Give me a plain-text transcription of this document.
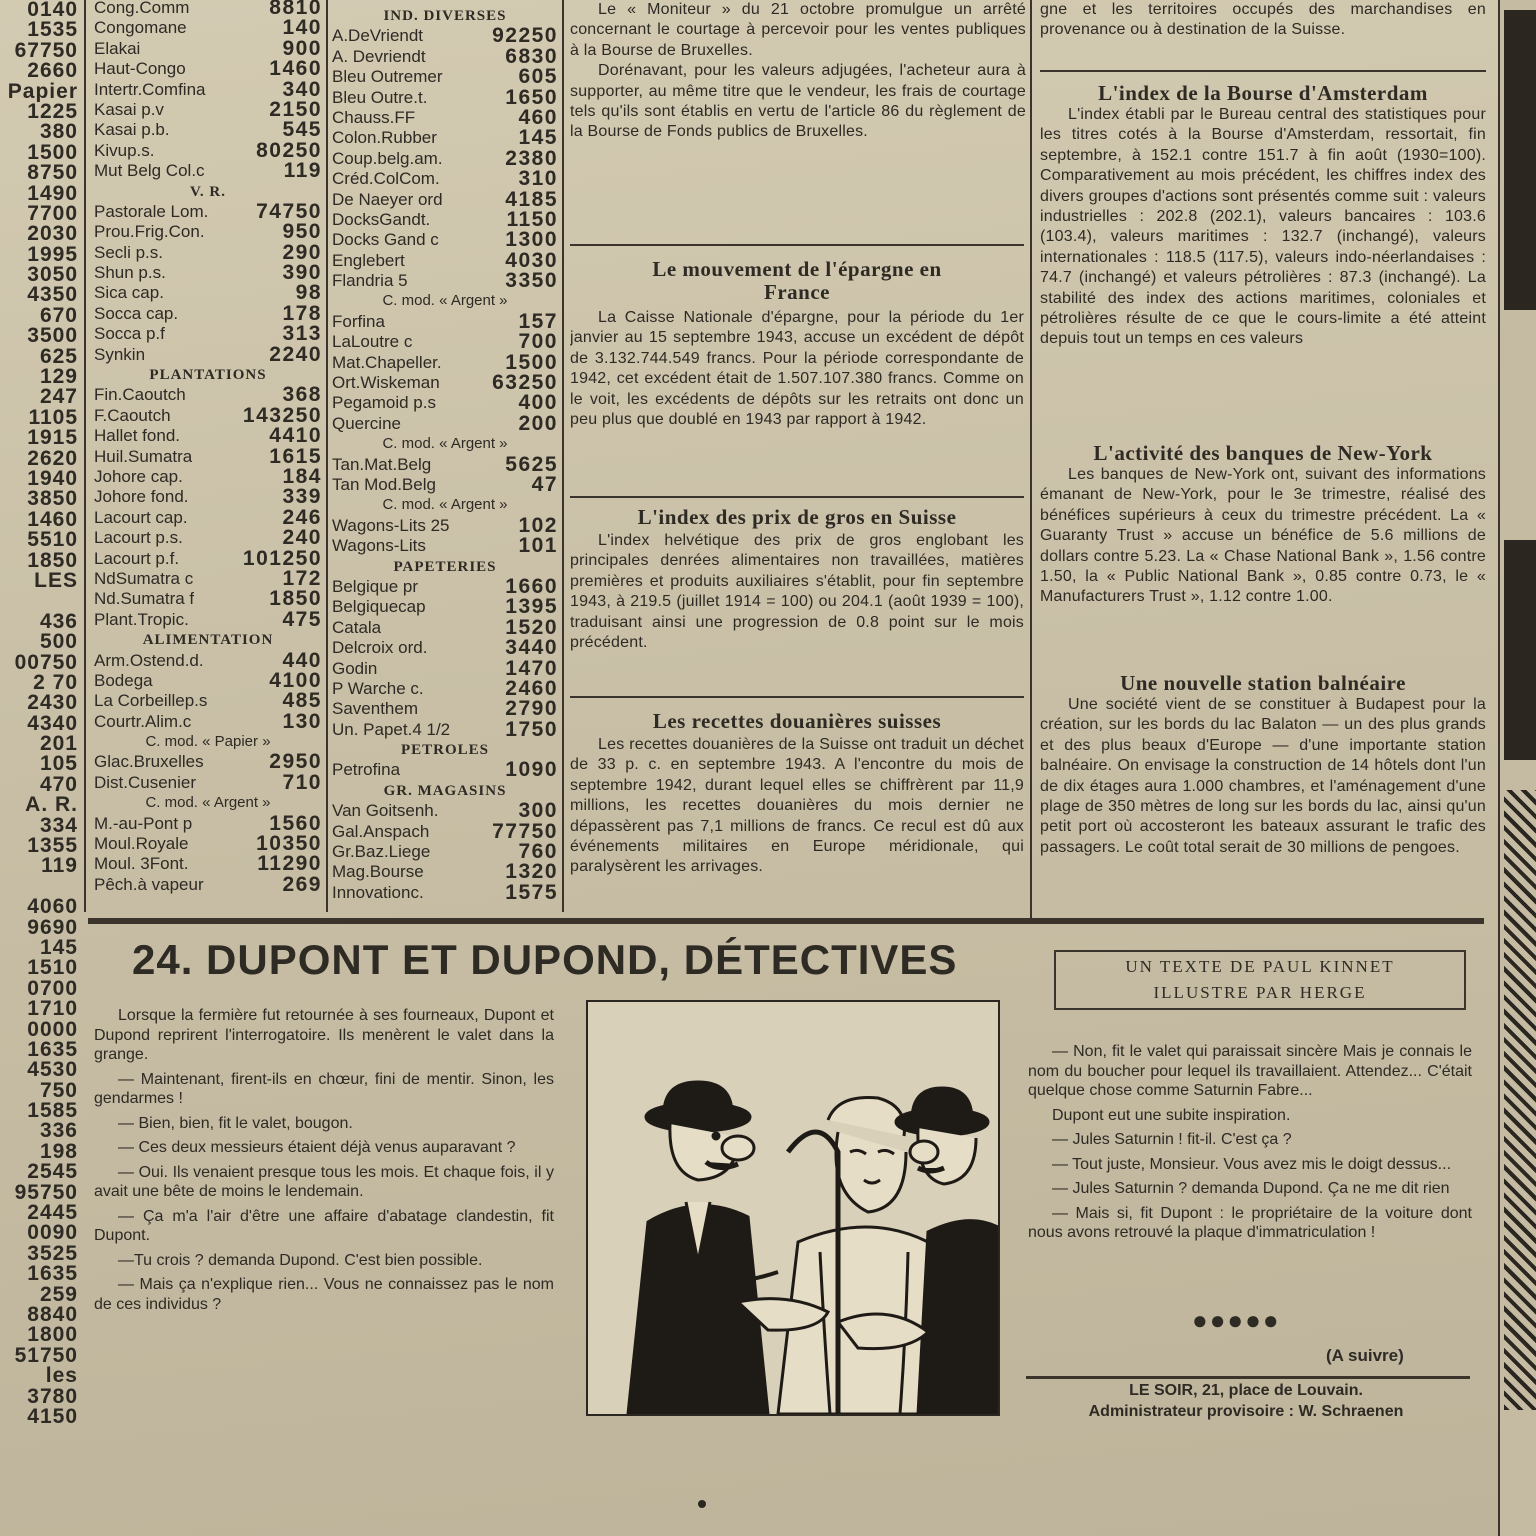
0140
1535
67750
2660
Papier
1225
380
1500
8750
1490
7700
2030
1995
3050
4350
670
3500
625
129
247
1105
1915
2620
1940
3850
1460
5510
1850
LES
436
500
00750
2 70
2430
4340
201
105
470
A. R.
334
1355
119
4060
9690
145
1510
0700
1710
0000
1635
4530
750
1585
336
198
2545
95750
2445
0090
3525
1635
259
8840
1800
51750
les
3780
4150
Cong.Comm	8810
Congomane	140
Elakai	900
Haut-Congo	1460
Intertr.Comfina	340
Kasai p.v	2150
Kasai p.b.	545
Kivup.s.	80250
Mut Belg Col.c	119
V. R.
Pastorale Lom. 74750
Prou.Frig.Con.	950
Secli p.s.	290
Shun p.s.	390
Sica cap.	98
Socca cap.	178
Socca p.f	313
Synkin	2240
PLANTATIONS
Fin.Caoutch	368
F.Caoutch	143250
Hallet fond.	4410
Huil.Sumatra	1615
Johore cap.	184
Johore fond.	339
Lacourt cap.	246
Lacourt p.s.	240
Lacourt p.f.	101250
NdSumatra c	172
Nd.Sumatra f	1850
Plant.Tropic.	475
ALIMENTATION
Arm.Ostend.d.	440
Bodega	4100
La Corbeillep.s	485
Courtr.Alim.c	130
C. mod. « Papier »
Glac.Bruxelles	2950
Dist.Cusenier	710
C. mod. « Argent »
M.-au-Pont p	1560
Moul.Royale	10350
Moul. 3Font.	11290
Pêch.à vapeur	269
IND. DIVERSES
A.DeVriendt	92250
A. Devriendt	6830
Bleu Outremer	605
Bleu Outre.t.	1650
Chauss.FF	460
Colon.Rubber	145
Coup.belg.am.	2380
Créd.ColCom.	310
De Naeyer ord	4185
DocksGandt.	1150
Docks Gand c	1300
Englebert	4030
Flandria 5	3350
C. mod. « Argent »
Forfina	157
LaLoutre c	700
Mat.Chapeller.	1500
Ort.Wiskeman 63250
Pegamoid p.s	400
Quercine	200
C. mod. « Argent »
Tan.Mat.Belg	5625
Tan Mod.Belg	47
C. mod. « Argent »
Wagons-Lits 25	102
Wagons-Lits	101
PAPETERIES
Belgique pr	1660
Belgiquecap	1395
Catala	1520
Delcroix ord.	3440
Godin	1470
P Warche c.	2460
Saventhem	2790
Un. Papet.4 1/2	1750
PETROLES
Petrofina	1090
GR. MAGASINS
Van Goitsenh.	300
Gal.Anspach	77750
Gr.Baz.Liege	760
Mag.Bourse	1320
Innovationc.	1575

Le « Moniteur » du 21 octobre promulgue un arrêté concernant le courtage à percevoir pour les ventes publiques à la Bourse de Bruxelles.

Dorénavant, pour les valeurs adjugées, l'acheteur aura à supporter, au même titre que le vendeur, les frais de courtage tels qu'ils sont établis en vertu de l'article 86 du règlement de la Bourse de Fonds publics de Bruxelles.

Le mouvement de l'épargne en France

La Caisse Nationale d'épargne, pour la période du 1er janvier au 15 septembre 1943, accuse un excédent de dépôt de 3.132.744.549 francs. Pour la période correspondante de 1942, cet excédent était de 1.507.107.380 francs. Comme on le voit, les excédents de dépôts sur les retraits ont donc un peu plus que doublé en 1943 par rapport à 1942.

L'index des prix de gros en Suisse

L'index helvétique des prix de gros englobant les principales denrées alimentaires non travaillées, matières premières et produits auxiliaires s'établit, pour fin septembre 1943, à 219.5 (juillet 1914 = 100) ou 204.1 (août 1939 = 100), traduisant ainsi une progression de 0.8 point sur le mois précédent.

Les recettes douanières suisses

Les recettes douanières de la Suisse ont traduit un déchet de 33 p. c. en septembre 1943. A l'encontre du mois de septembre 1942, durant lequel elles se chiffrèrent par 11,9 millions, les recettes douanières du mois dernier ne dépassèrent pas 7,1 millions de francs. Ce recul est dû aux événements militaires en Europe méridionale, qui paralysèrent les arrivages.

gne et les territoires occupés des marchandises en provenance ou à destination de la Suisse.

L'index de la Bourse d'Amsterdam

L'index établi par le Bureau central des statistiques pour les titres cotés à la Bourse d'Amsterdam, ressortait, fin septembre, à 152.1 contre 151.7 à fin août (1930=100). Comparativement au mois précédent, les chiffres index des divers groupes d'actions sont présentés comme suit : valeurs industrielles : 202.8 (202.1), valeurs bancaires : 103.6 (103.4), valeurs maritimes : 132.7 (inchangé), valeurs internationales : 118.5 (117.5), valeurs indo-néerlandaises : 74.7 (inchangé) et valeurs pétrolières : 87.3 (inchangé). La stabilité des index des actions maritimes, coloniales et pétrolières résulte de ce que le cours-limite a été atteint depuis tout un temps en ces valeurs

L'activité des banques de New-York

Les banques de New-York ont, suivant des informations émanant de New-York, pour le 3e trimestre, réalisé des bénéfices supérieurs à ceux du trimestre précédent. La « Guaranty Trust » accuse un bénéfice de 5.6 millions de dollars contre 5.23. La « Chase National Bank », 1.56 contre 1.50, la « Public National Bank », 0.85 contre 0.73, le « Manufacturers Trust », 1.12 contre 1.00.

Une nouvelle station balnéaire

Une société vient de se constituer à Budapest pour la création, sur les bords du lac Balaton — un des plus grands et des plus beaux d'Europe — d'une importante station balnéaire. On envisage la construction de 14 hôtels dont l'un de dix étages aura 1.000 chambres, et l'aménagement d'une plage de 350 mètres de long sur les bords du lac, ainsi qu'un petit port où accosteront les bateaux assurant le trafic des passagers. Le coût total serait de 30 millions de pengoes.

24. DUPONT ET DUPOND, DÉTECTIVES	UN TEXTE DE PAUL KINNET
ILLUSTRE PAR HERGE

Lorsque la fermière fut retournée à ses fourneaux, Dupont et Dupond reprirent l'interrogatoire. Ils menèrent le valet dans la grange.

— Maintenant, firent-ils en chœur, fini de mentir. Sinon, les gendarmes !

— Bien, bien, fit le valet, bougon.

— Ces deux messieurs étaient déjà venus auparavant ?

— Oui. Ils venaient presque tous les mois. Et chaque fois, il y avait une bête de moins le lendemain.

— Ça m'a l'air d'être une affaire d'abatage clandestin, fit Dupont.

—Tu crois ? demanda Dupond. C'est bien possible.

— Mais ça n'explique rien... Vous ne connaissez pas le nom de ces individus ?

— Non, fit le valet qui paraissait sincère Mais je connais le nom du boucher pour lequel ils travaillaient. Attendez... C'était quelque chose comme Saturnin Fabre...

Dupont eut une subite inspiration.

— Jules Saturnin ! fit-il. C'est ça ?

— Tout juste, Monsieur. Vous avez mis le doigt dessus...

— Jules Saturnin ? demanda Dupond. Ça ne me dit rien

— Mais si, fit Dupont : le propriétaire de la voiture dont nous avons retrouvé la plaque d'immatriculation !

●●●●●
(A suivre)
LE SOIR, 21, place de Louvain.
Administrateur provisoire : W. Schraenen
